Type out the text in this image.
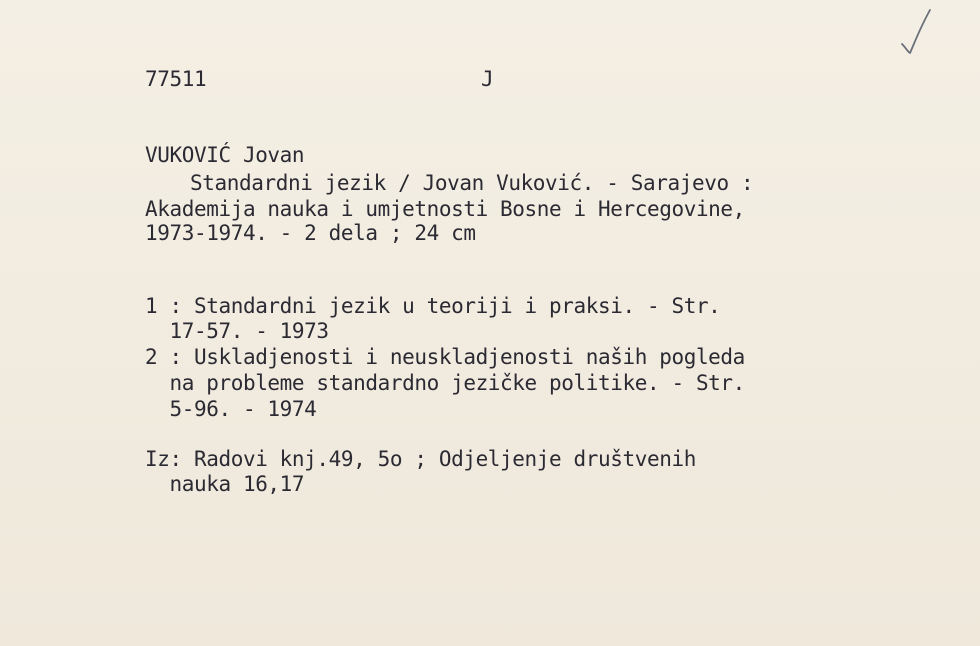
77511	J
VUKOVIĆ Jovan
Standardni jezik / Jovan Vuković. - Sarajevo :
Akademija nauka i umjetnosti Bosne i Hercegovine,
1973-1974. - 2 dela ; 24 cm
1 : Standardni jezik u teoriji i praksi. - Str.
17-57. - 1973
2 : Uskladjenosti i neuskladjenosti naših pogleda
na probleme standardno jezičke politike. - Str.
5-96. - 1974
Iz: Radovi knj.49, 5o ; Odjeljenje društvenih
nauka 16,17
